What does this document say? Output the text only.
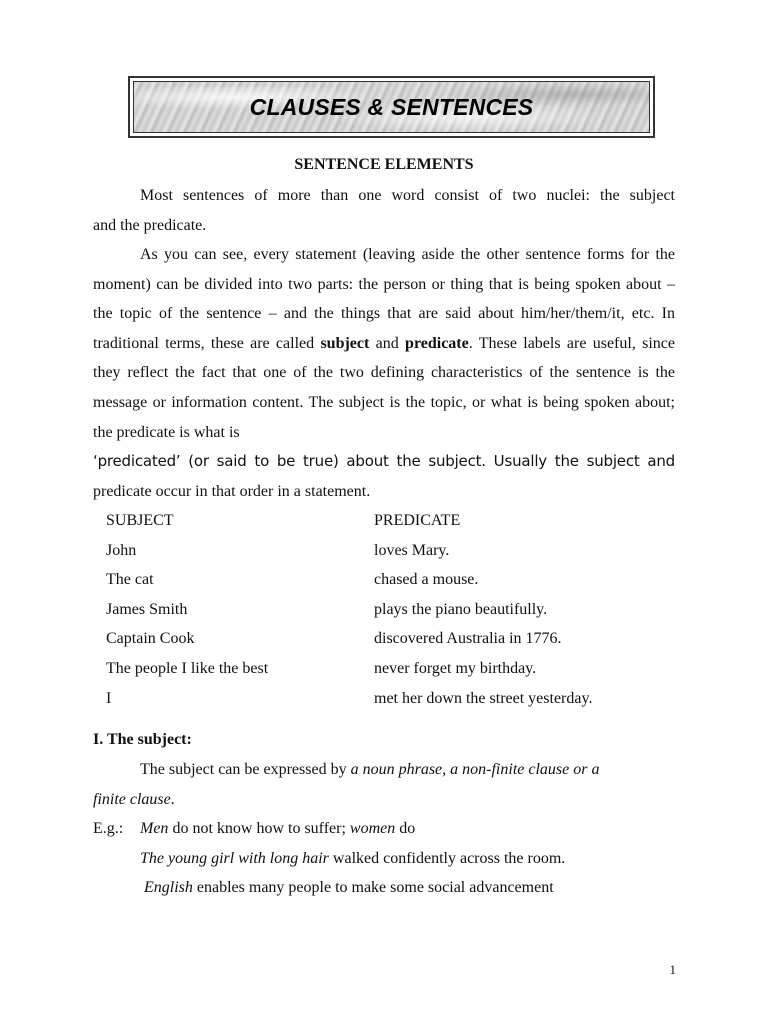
CLAUSES & SENTENCES
SENTENCE ELEMENTS
Most sentences of more than one word consist of two nuclei: the subject
and the predicate.
As you can see, every statement (leaving aside the other sentence forms for the moment) can be divided into two parts: the person or thing that is being spoken about – the topic of the sentence – and the things that are said about him/her/them/it, etc. In traditional terms, these are called subject and predicate. These labels are useful, since they reflect the fact that one of the two defining characteristics of the sentence is the message or information content. The subject is the topic, or what is being spoken about; the predicate is what is
‘predicated’ (or said to be true) about the subject. Usually the subject and
predicate occur in that order in a statement.
SUBJECT	PREDICATE
John	loves Mary.
The cat	chased a mouse.
James Smith	plays the piano beautifully.
Captain Cook	discovered Australia in 1776.
The people I like the best	never forget my birthday.
I	met her down the street yesterday.
I. The subject:
The subject can be expressed by a noun phrase, a non-finite clause or a
finite clause.
E.g.: Men do not know how to suffer; women do
The young girl with long hair walked confidently across the room.
English enables many people to make some social advancement
1
